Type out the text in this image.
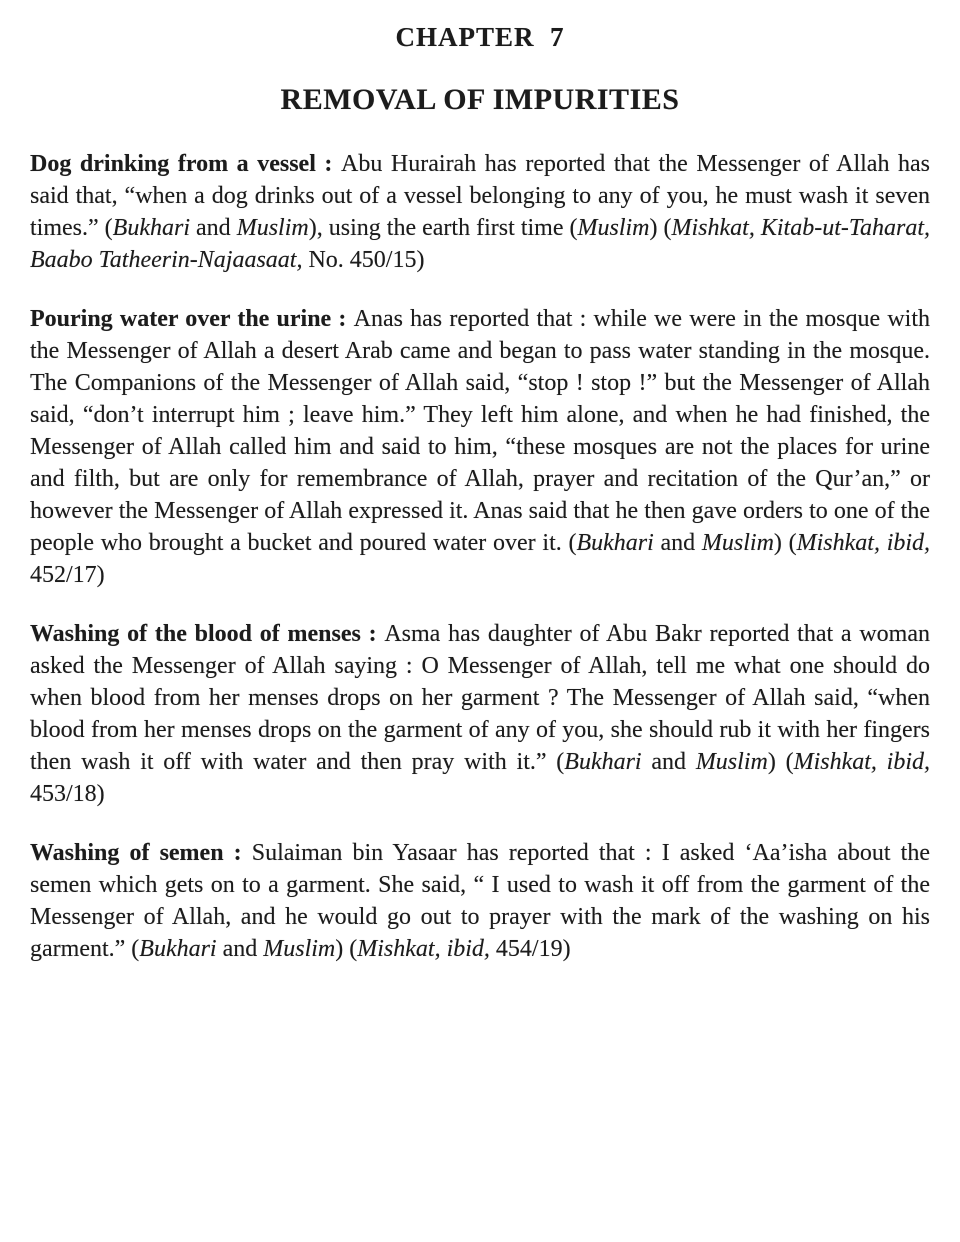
CHAPTER  7
REMOVAL OF IMPURITIES

Dog drinking from a vessel : Abu Hurairah has reported that the Messenger of Allah has said that, “when a dog drinks out of a vessel belonging to any of you, he must wash it seven times.” (Bukhari and Muslim), using the earth first time (Muslim) (Mishkat, Kitab-ut-Taharat, Baabo Tatheerin-Najaasaat, No. 450/15)

Pouring water over the urine : Anas has reported that : while we were in the mosque with the Messenger of Allah a desert Arab came and began to pass water standing in the mosque. The Companions of the Messenger of Allah said, “stop ! stop !” but the Messenger of Allah said, “don’t interrupt him ; leave him.” They left him alone, and when he had finished, the Messenger of Allah called him and said to him, “these mosques are not the places for urine and filth, but are only for remembrance of Allah, prayer and recitation of the Qur’an,” or however the Messenger of Allah expressed it. Anas said that he then gave orders to one of the people who brought a bucket and poured water over it. (Bukhari and Muslim) (Mishkat, ibid, 452/17)

Washing of the blood of menses : Asma has daughter of Abu Bakr reported that a woman asked the Messenger of Allah saying : O Messenger of Allah, tell me what one should do when blood from her menses drops on her garment ? The Messenger of Allah said, “when blood from her menses drops on the garment of any of you, she should rub it with her fingers then wash it off with water and then pray with it.” (Bukhari and Muslim) (Mishkat, ibid, 453/18)

Washing of semen : Sulaiman bin Yasaar has reported that : I asked ‘Aa’isha about the semen which gets on to a garment. She said, “ I used to wash it off from the garment of the Messenger of Allah, and he would go out to prayer with the mark of the washing on his garment.” (Bukhari and Muslim) (Mishkat, ibid, 454/19)
